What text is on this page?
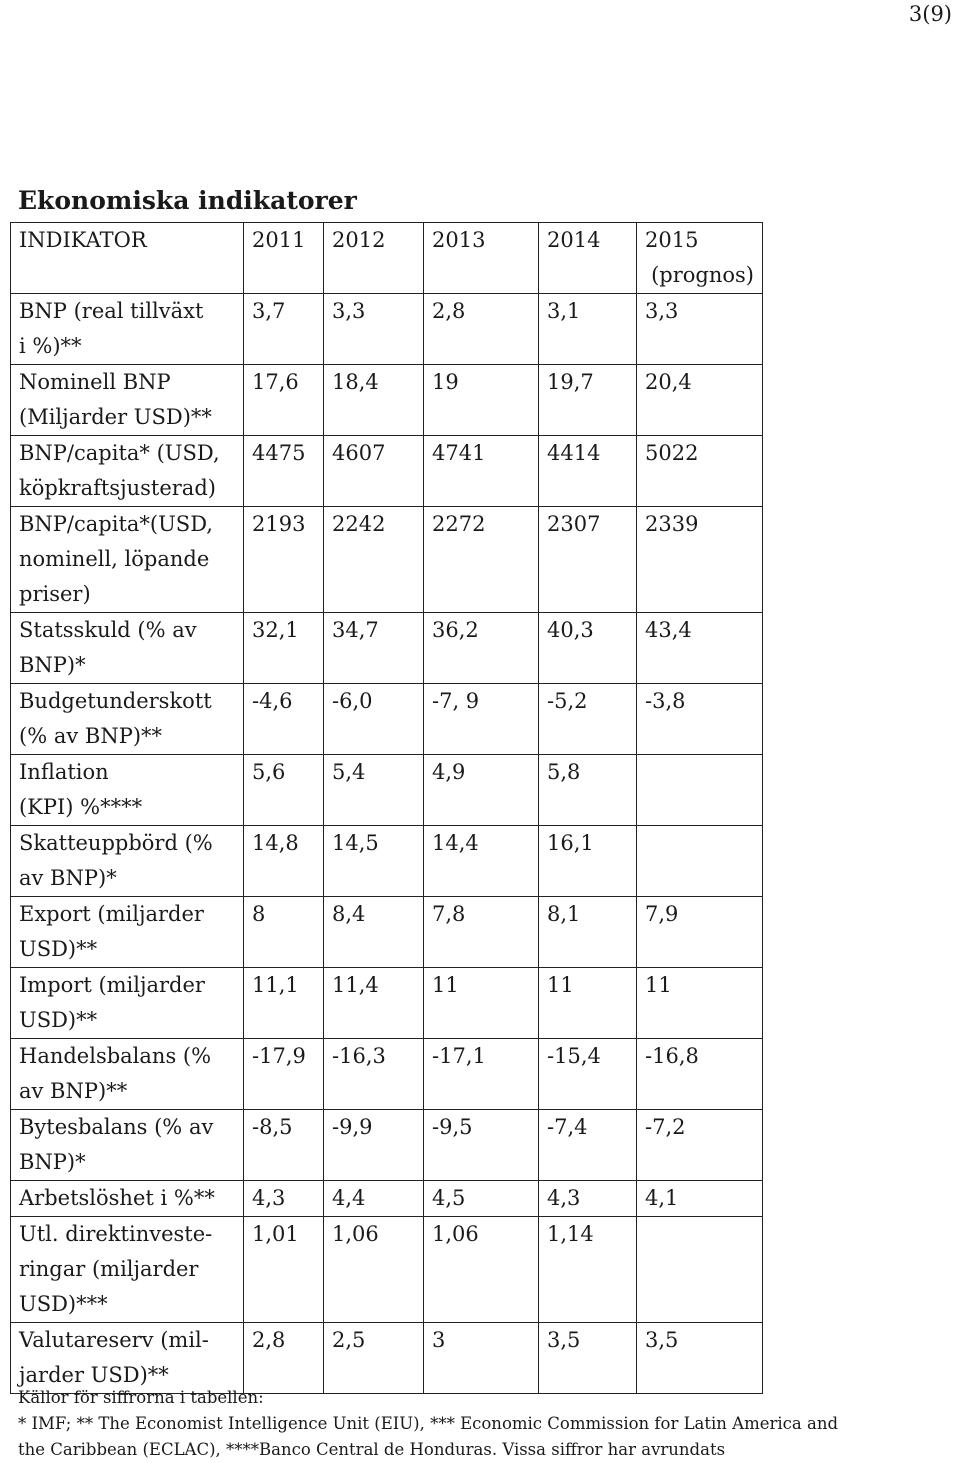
3(9)
Ekonomiska indikatorer
INDIKATOR	2011	2012	2013	2014	2015
(prognos)

BNP (real tillväxt
i %)**	3,7	3,3	2,8	3,1	3,3

Nominell BNP
(Miljarder USD)**	17,6	18,4	19	19,7	20,4

BNP/capita* (USD,
köpkraftsjusterad)	4475	4607	4741	4414	5022

BNP/capita*(USD,
nominell, löpande
priser)	2193	2242	2272	2307	2339

Statsskuld (% av
BNP)*	32,1	34,7	36,2	40,3	43,4

Budgetunderskott
(% av BNP)**	-4,6	-6,0	-7, 9	-5,2	-3,8

Inflation
(KPI) %****	5,6	5,4	4,9	5,8	

Skatteuppbörd (%
av BNP)*	14,8	14,5	14,4	16,1	

Export (miljarder
USD)**	8	8,4	7,8	8,1	7,9

Import (miljarder
USD)**	11,1	11,4	11	11	11

Handelsbalans (%
av BNP)**	-17,9	-16,3	-17,1	-15,4	-16,8

Bytesbalans (% av
BNP)*	-8,5	-9,9	-9,5	-7,4	-7,2

Arbetslöshet i %**	4,3	4,4	4,5	4,3	4,1

Utl. direktinveste-
ringar (miljarder
USD)***	1,01	1,06	1,06	1,14	

Valutareserv (mil-
jarder USD)**	2,8	2,5	3	3,5	3,5
Källor för siffrorna i tabellen:
* IMF; ** The Economist Intelligence Unit (EIU), *** Economic Commission for Latin America and
the Caribbean (ECLAC), ****Banco Central de Honduras. Vissa siffror har avrundats
